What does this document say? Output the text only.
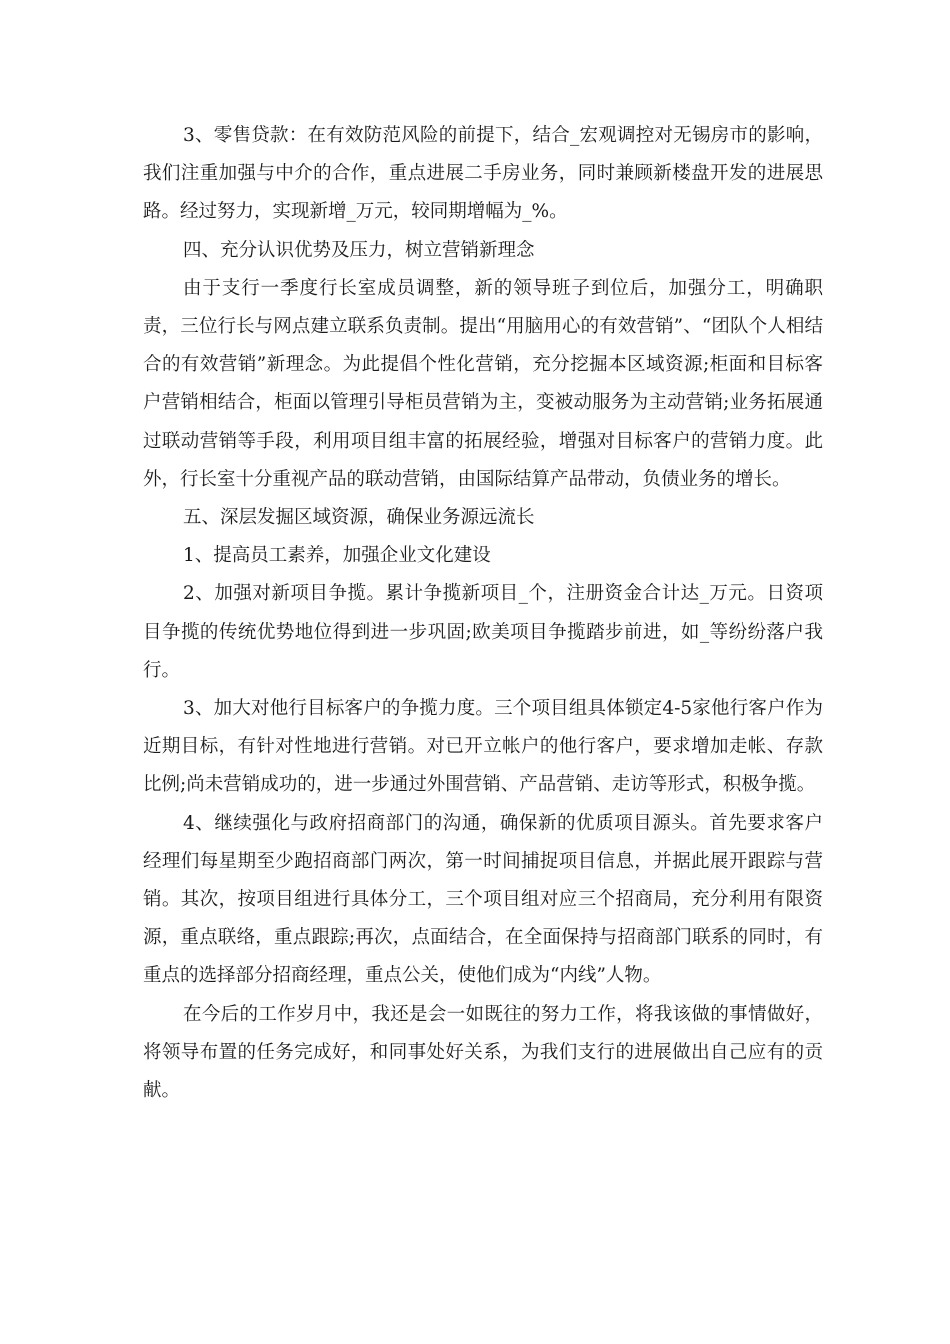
3、零售贷款：在有效防范风险的前提下，结合_宏观调控对无锡房市的影响，我们注重加强与中介的合作，重点进展二手房业务，同时兼顾新楼盘开发的进展思路。经过努力，实现新增_万元，较同期增幅为_%。

四、充分认识优势及压力，树立营销新理念

由于支行一季度行长室成员调整，新的领导班子到位后，加强分工，明确职责，三位行长与网点建立联系负责制。提出“用脑用心的有效营销”、“团队个人相结合的有效营销”新理念。为此提倡个性化营销，充分挖掘本区域资源;柜面和目标客户营销相结合，柜面以管理引导柜员营销为主，变被动服务为主动营销;业务拓展通过联动营销等手段，利用项目组丰富的拓展经验，增强对目标客户的营销力度。此外，行长室十分重视产品的联动营销，由国际结算产品带动，负债业务的增长。

五、深层发掘区域资源，确保业务源远流长

1、提高员工素养，加强企业文化建设

2、加强对新项目争揽。累计争揽新项目_个，注册资金合计达_万元。日资项目争揽的传统优势地位得到进一步巩固;欧美项目争揽踏步前进，如_等纷纷落户我行。

3、加大对他行目标客户的争揽力度。三个项目组具体锁定4-5家他行客户作为近期目标，有针对性地进行营销。对已开立帐户的他行客户，要求增加走帐、存款比例;尚未营销成功的，进一步通过外围营销、产品营销、走访等形式，积极争揽。

4、继续强化与政府招商部门的沟通，确保新的优质项目源头。首先要求客户经理们每星期至少跑招商部门两次，第一时间捕捉项目信息，并据此展开跟踪与营销。其次，按项目组进行具体分工，三个项目组对应三个招商局，充分利用有限资源，重点联络，重点跟踪;再次，点面结合，在全面保持与招商部门联系的同时，有重点的选择部分招商经理，重点公关，使他们成为“内线”人物。

在今后的工作岁月中，我还是会一如既往的努力工作，将我该做的事情做好，将领导布置的任务完成好，和同事处好关系，为我们支行的进展做出自己应有的贡献。
